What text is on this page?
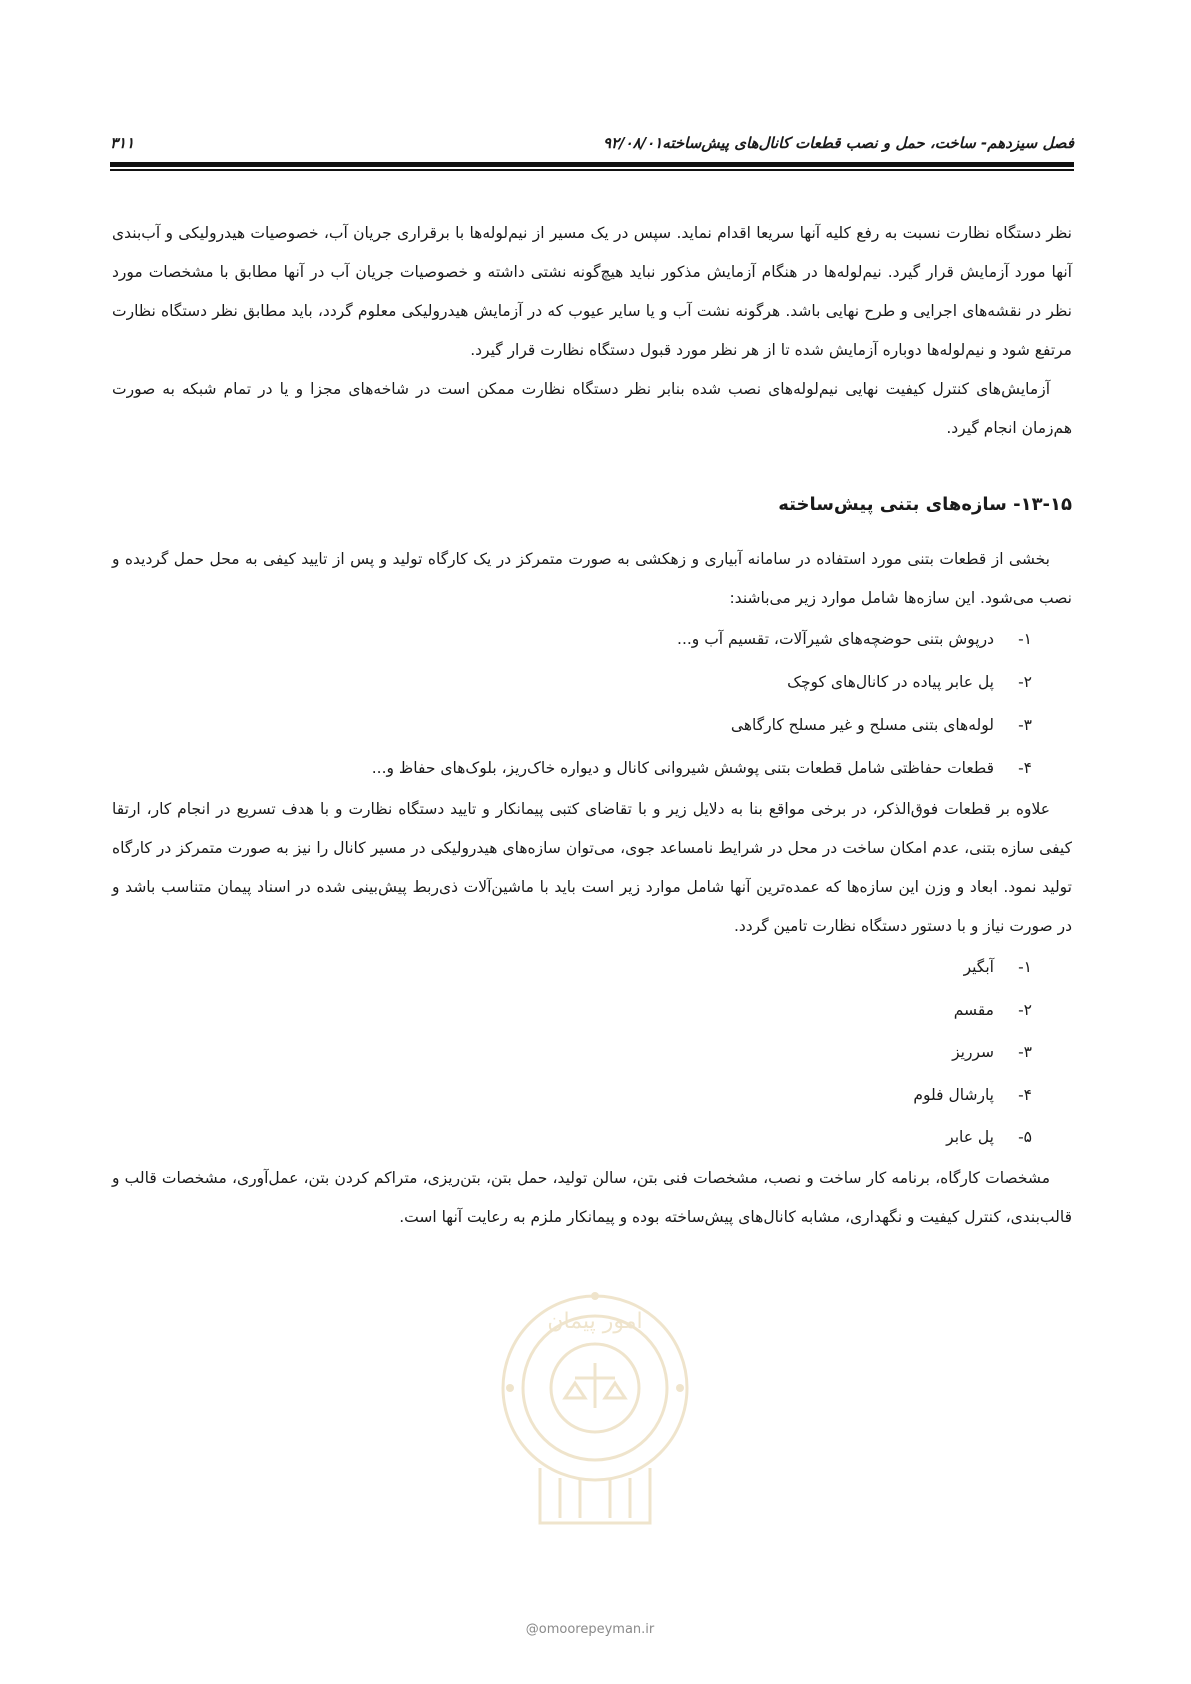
فصل سیزدهم- ساخت، حمل و نصب قطعات کانال‌های پیش‌ساخته۹۲/۰۸/۰۱
۳۱۱

نظر دستگاه نظارت نسبت به رفع کلیه آنها سریعا اقدام نماید. سپس در یک مسیر از نیم‌لوله‌ها با برقراری جریان آب، خصوصیات هیدرولیکی و آب‌بندی آنها مورد آزمایش قرار گیرد. نیم‌لوله‌ها در هنگام آزمایش مذکور نباید هیچ‌گونه نشتی داشته و خصوصیات جریان آب در آنها مطابق با مشخصات مورد نظر در نقشه‌های اجرایی و طرح نهایی باشد. هرگونه نشت آب و یا سایر عیوب که در آزمایش هیدرولیکی معلوم گردد، باید مطابق نظر دستگاه نظارت مرتفع شود و نیم‌لوله‌ها دوباره آزمایش شده تا از هر نظر مورد قبول دستگاه نظارت قرار گیرد.

آزمایش‌های کنترل کیفیت نهایی نیم‌لوله‌های نصب شده بنابر نظر دستگاه نظارت ممکن است در شاخه‌های مجزا و یا در تمام شبکه به صورت هم‌زمان انجام گیرد.

۱۳-۱۵- سازه‌های بتنی پیش‌ساخته

بخشی از قطعات بتنی مورد استفاده در سامانه آبیاری و زهکشی به صورت متمرکز در یک کارگاه تولید و پس از تایید کیفی به محل حمل گردیده و نصب می‌شود. این سازه‌ها شامل موارد زیر می‌باشند:

۱-
درپوش بتنی حوضچه‌های شیرآلات، تقسیم آب و...
۲-
پل عابر پیاده در کانال‌های کوچک
۳-
لوله‌های بتنی مسلح و غیر مسلح کارگاهی
۴-
قطعات حفاظتی شامل قطعات بتنی پوشش شیروانی کانال و دیواره خاک‌ریز، بلوک‌های حفاظ و...

علاوه بر قطعات فوق‌الذکر، در برخی مواقع بنا به دلایل زیر و با تقاضای کتبی پیمانکار و تایید دستگاه نظارت و با هدف تسریع در انجام کار، ارتقا کیفی سازه بتنی، عدم امکان ساخت در محل در شرایط نامساعد جوی، می‌توان سازه‌های هیدرولیکی در مسیر کانال را نیز به صورت متمرکز در کارگاه تولید نمود. ابعاد و وزن این سازه‌ها که عمده‌ترین آنها شامل موارد زیر است باید با ماشین‌آلات ذی‌ربط پیش‌بینی شده در اسناد پیمان متناسب باشد و در صورت نیاز و با دستور دستگاه نظارت تامین گردد.

۱-
آبگیر
۲-
مقسم
۳-
سرریز
۴-
پارشال فلوم
۵-
پل عابر

مشخصات کارگاه، برنامه کار ساخت و نصب، مشخصات فنی بتن، سالن تولید، حمل بتن، بتن‌ریزی، متراکم کردن بتن، عمل‌آوری، مشخصات قالب و قالب‌بندی، کنترل کیفیت و نگهداری، مشابه کانال‌های پیش‌ساخته بوده و پیمانکار ملزم به رعایت آنها است.

امور پیمان
@omoorepeyman.ir
